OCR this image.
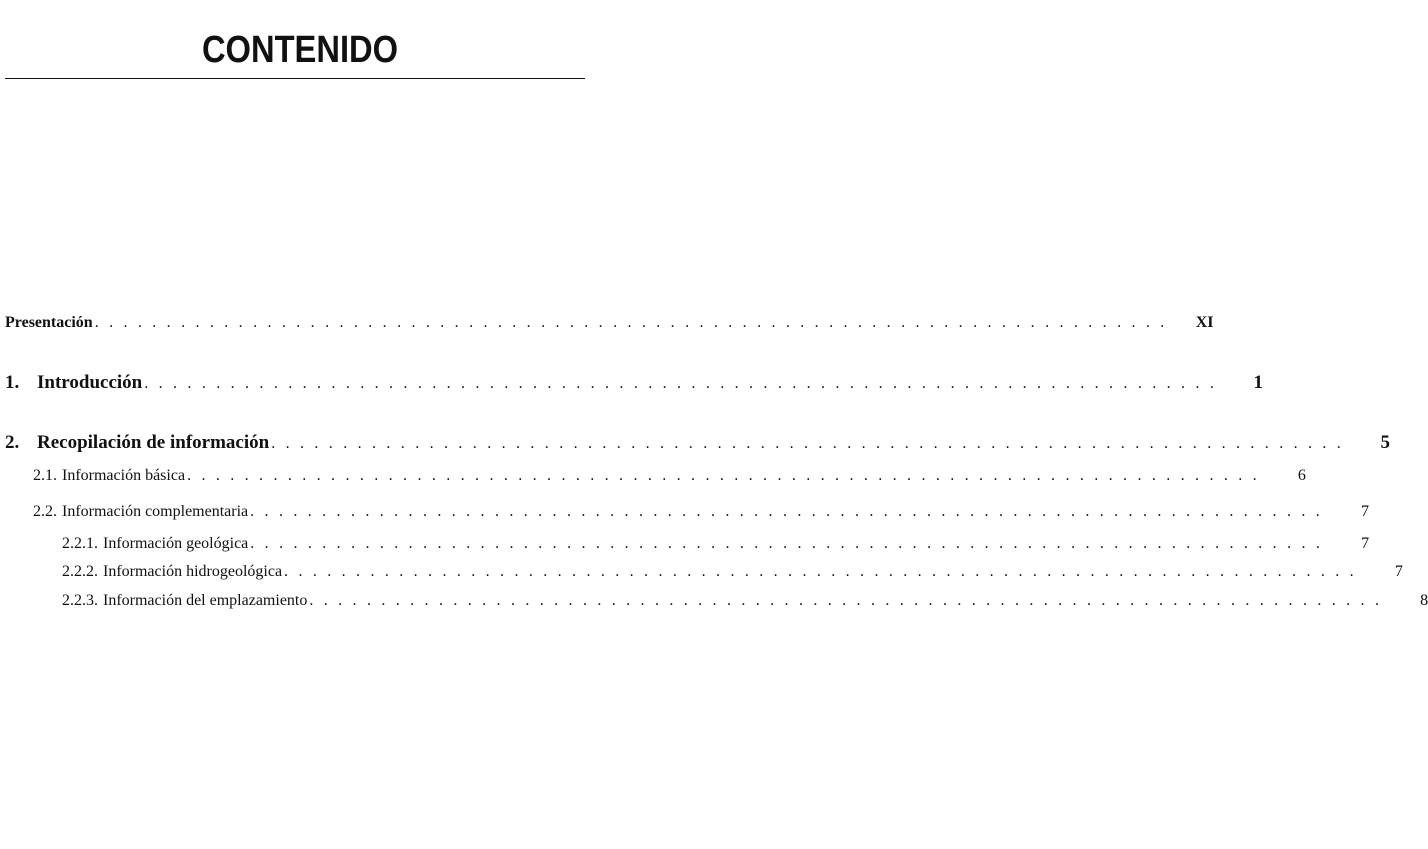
CONTENIDO
Presentación . . . . . . . . . . . . . . . . . . . . . . . . . . . . . . . . . . . . . . . . . . . . . . . . . . . . . . . . . . . . . . . . . . . . . . . . . . .	XI
1. Introducción . . . . . . . . . . . . . . . . . . . . . . . . . . . . . . . . . . . . . . . . . . . . . . . . . . . . . . . . . . . . . . . . . . . . . . . . . . .	1
2. Recopilación de información . . . . . . . . . . . . . . . . . . . . . . . . . . . . . . . . . . . . . . . . . . . . . . . . . . . . . . . . . . . . . . . . . . . . . . . . . . .	5
2.1. Información básica . . . . . . . . . . . . . . . . . . . . . . . . . . . . . . . . . . . . . . . . . . . . . . . . . . . . . . . . . . . . . . . . . . . . . . . . . . .	6
2.2. Información complementaria . . . . . . . . . . . . . . . . . . . . . . . . . . . . . . . . . . . . . . . . . . . . . . . . . . . . . . . . . . . . . . . . . . . . . . . . . . .	7
2.2.1. Información geológica . . . . . . . . . . . . . . . . . . . . . . . . . . . . . . . . . . . . . . . . . . . . . . . . . . . . . . . . . . . . . . . . . . . . . . . . . . .	7
2.2.2. Información hidrogeológica . . . . . . . . . . . . . . . . . . . . . . . . . . . . . . . . . . . . . . . . . . . . . . . . . . . . . . . . . . . . . . . . . . . . . . . . . . .	7
2.2.3. Información del emplazamiento . . . . . . . . . . . . . . . . . . . . . . . . . . . . . . . . . . . . . . . . . . . . . . . . . . . . . . . . . . . . . . . . . . . . . . . . . . .	8
